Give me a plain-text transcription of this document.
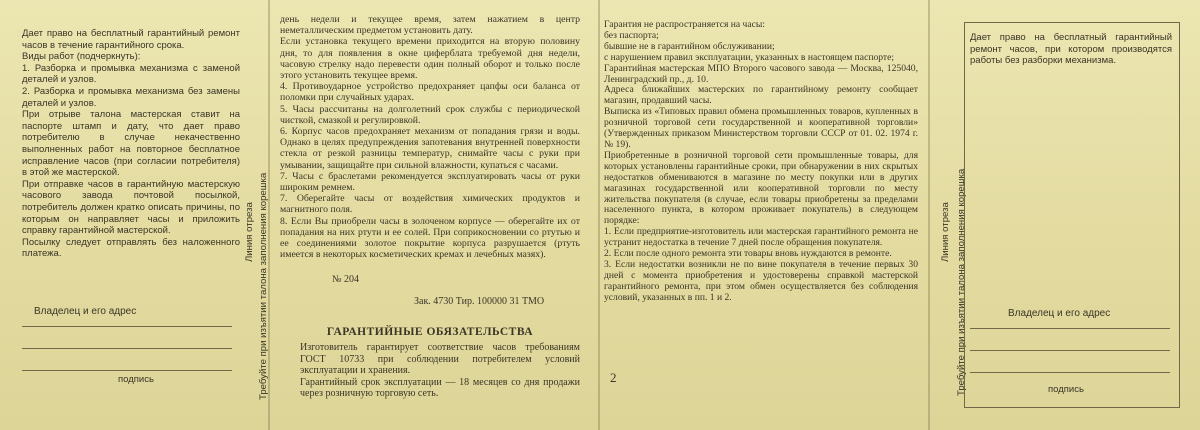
Дает право на бесплатный гарантийный ремонт часов в течение гарантийного срока.
Виды работ (подчеркнуть):
1. Разборка и промывка механизма с заменой деталей и узлов.
2. Разборка и промывка механизма без замены деталей и узлов.
При отрыве талона мастерская ставит на паспорте штамп и дату, что дает право потребителю в случае некачественно выполненных работ на повторное бесплатное исправление часов (при согласии потребителя) в этой же мастерской.
При отправке часов в гарантийную мастерскую часового завода почтовой посылкой, потребитель должен кратко описать причины, по которым он направляет часы и приложить справку гарантийной мастерской.
Посылку следует отправлять без наложенного платежа.
Владелец и его адрес
подпись	Требуйте при изъятии талона заполнения корешка
Линия отреза
день недели и текущее время, затем нажатием в центр неметаллическим предметом установить дату.
Если установка текущего времени приходится на вторую половину дня, то для появления в окне циферблата требуемой дня недели, часовую стрелку надо перевести один полный оборот и только после этого установить текущее время.
4. Противоударное устройство предохраняет цапфы оси баланса от поломки при случайных ударах.
5. Часы рассчитаны на долголетний срок службы с периодической чисткой, смазкой и регулировкой.
6. Корпус часов предохраняет механизм от попадания грязи и воды. Однако в целях предупреждения запотевания внутренней поверхности стекла от резкой разницы температур, снимайте часы с руки при умывании, защищайте при сильной влажности, купаться с часами.
7. Часы с браслетами рекомендуется эксплуатировать часы от руки широким ремнем.
7. Оберегайте часы от воздействия химических продуктов и магнитного поля.
8. Если Вы приобрели часы в золоченом корпусе — оберегайте их от попадания на них ртути и ее солей. При соприкосновении со ртутью и ее соединениями золотое покрытие корпуса разрушается (ртуть имеется в некоторых косметических кремах и лечебных мазях).
№ 204
Зак. 4730 Тир. 100000 31 ТМО
ГАРАНТИЙНЫЕ ОБЯЗАТЕЛЬСТВА
Изготовитель гарантирует соответствие часов требованиям ГОСТ 10733 при соблюдении потребителем условий эксплуатации и хранения.
Гарантийный срок эксплуатации — 18 месяцев со дня продажи через розничную торговую сеть.
Гарантия не распространяется на часы:
без паспорта;
бывшие не в гарантийном обслуживании;
с нарушением правил эксплуатации, указанных в настоящем паспорте;
Гарантийная мастерская МПО Второго часового завода — Москва, 125040, Ленинградский пр., д. 10.
Адреса ближайших мастерских по гарантийному ремонту сообщает магазин, продавший часы.
Выписка из «Типовых правил обмена промышленных товаров, купленных в розничной торговой сети государственной и кооперативной торговли» (Утвержденных приказом Министерством торговли СССР от 01. 02. 1974 г. № 19).
Приобретенные в розничной торговой сети промышленные товары, для которых установлены гарантийные сроки, при обнаружении в них скрытых недостатков обмениваются в магазине по месту покупки или в других магазинах государственной или кооперативной торговли по месту жительства покупателя (в случае, если товары приобретены за пределами населенного пункта, в котором проживает покупатель) в следующем порядке:
1. Если предприятие-изготовитель или мастерская гарантийного ремонта не устранит недостатка в течение 7 дней после обращения покупателя.
2. Если после одного ремонта эти товары вновь нуждаются в ремонте.
3. Если недостатки возникли не по вине покупателя в течение первых 30 дней с момента приобретения и удостоверены справкой мастерской гарантийного ремонта, при этом обмен осуществляется без соблюдения условий, указанных в пп. 1 и 2.
2	Требуйте при изъятии талона заполнения корешка
Линия отреза
Дает право на бесплатный гарантийный ремонт часов, при котором производятся работы без разборки механизма.
Владелец и его адрес
подпись
